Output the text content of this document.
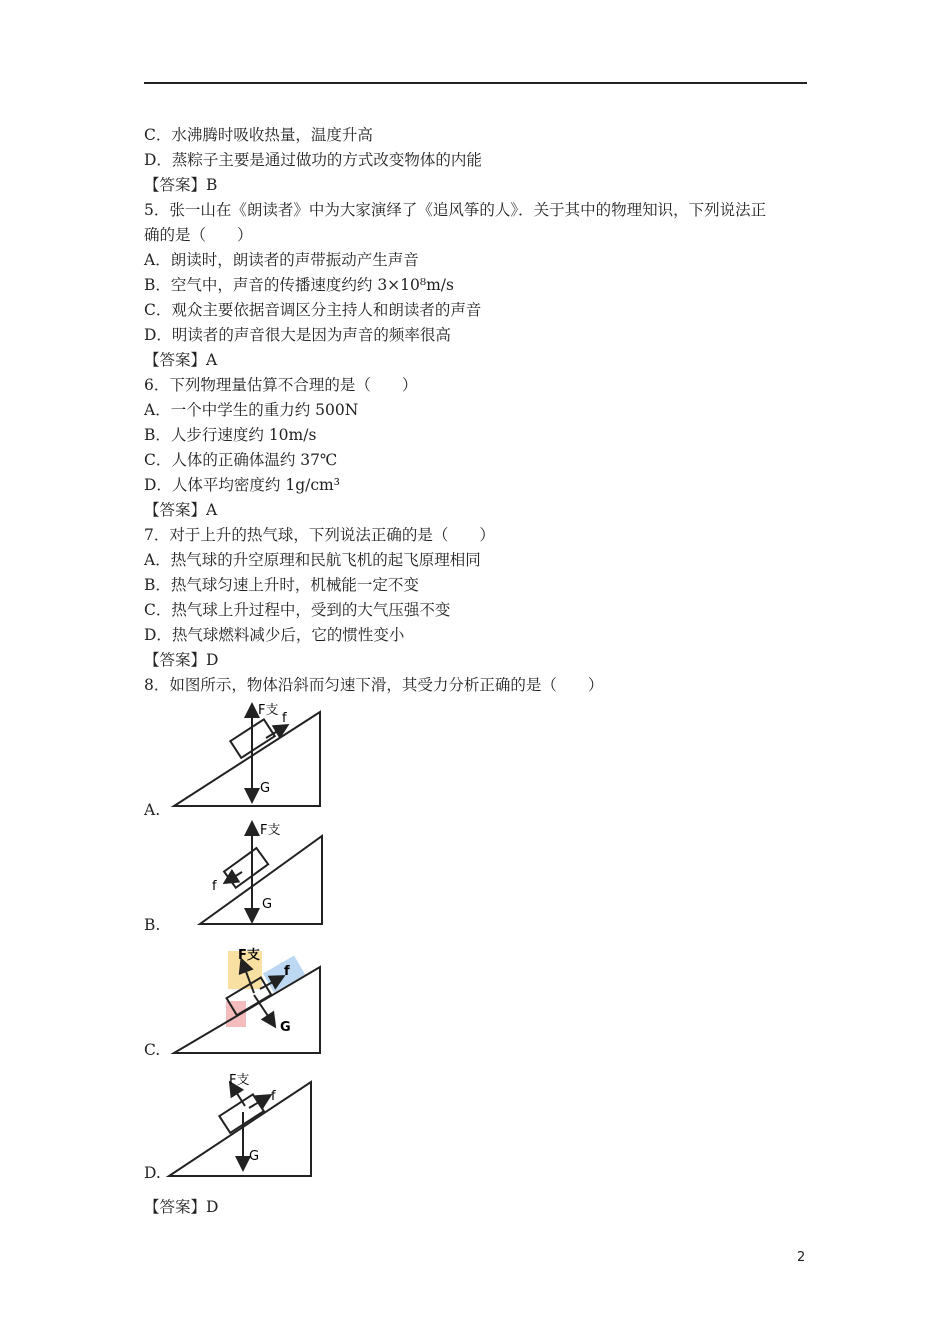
C．水沸腾时吸收热量，温度升高
D．蒸粽子主要是通过做功的方式改变物体的内能
【答案】B
5．张一山在《朗读者》中为大家演绎了《追风筝的人》．关于其中的物理知识，下列说法正
确的是（　　）
A．朗读时，朗读者的声带振动产生声音
B．空气中，声音的传播速度约约 3×10⁸m/s
C．观众主要依据音调区分主持人和朗读者的声音
D．明读者的声音很大是因为声音的频率很高
【答案】A
6．下列物理量估算不合理的是（　　）
A．一个中学生的重力约 500N
B．人步行速度约 10m/s
C．人体的正确体温约 37℃
D．人体平均密度约 1g/cm³
【答案】A
7．对于上升的热气球，下列说法正确的是（　　）
A．热气球的升空原理和民航飞机的起飞原理相同
B．热气球匀速上升时，机械能一定不变
C．热气球上升过程中，受到的大气压强不变
D．热气球燃料减少后，它的惯性变小
【答案】D
8．如图所示，物体沿斜而匀速下滑，其受力分析正确的是（　　）
F支
f
G
A.
F支
f
G
B.
F支
f
G
C.
F支
f
G
D.
【答案】D
2
